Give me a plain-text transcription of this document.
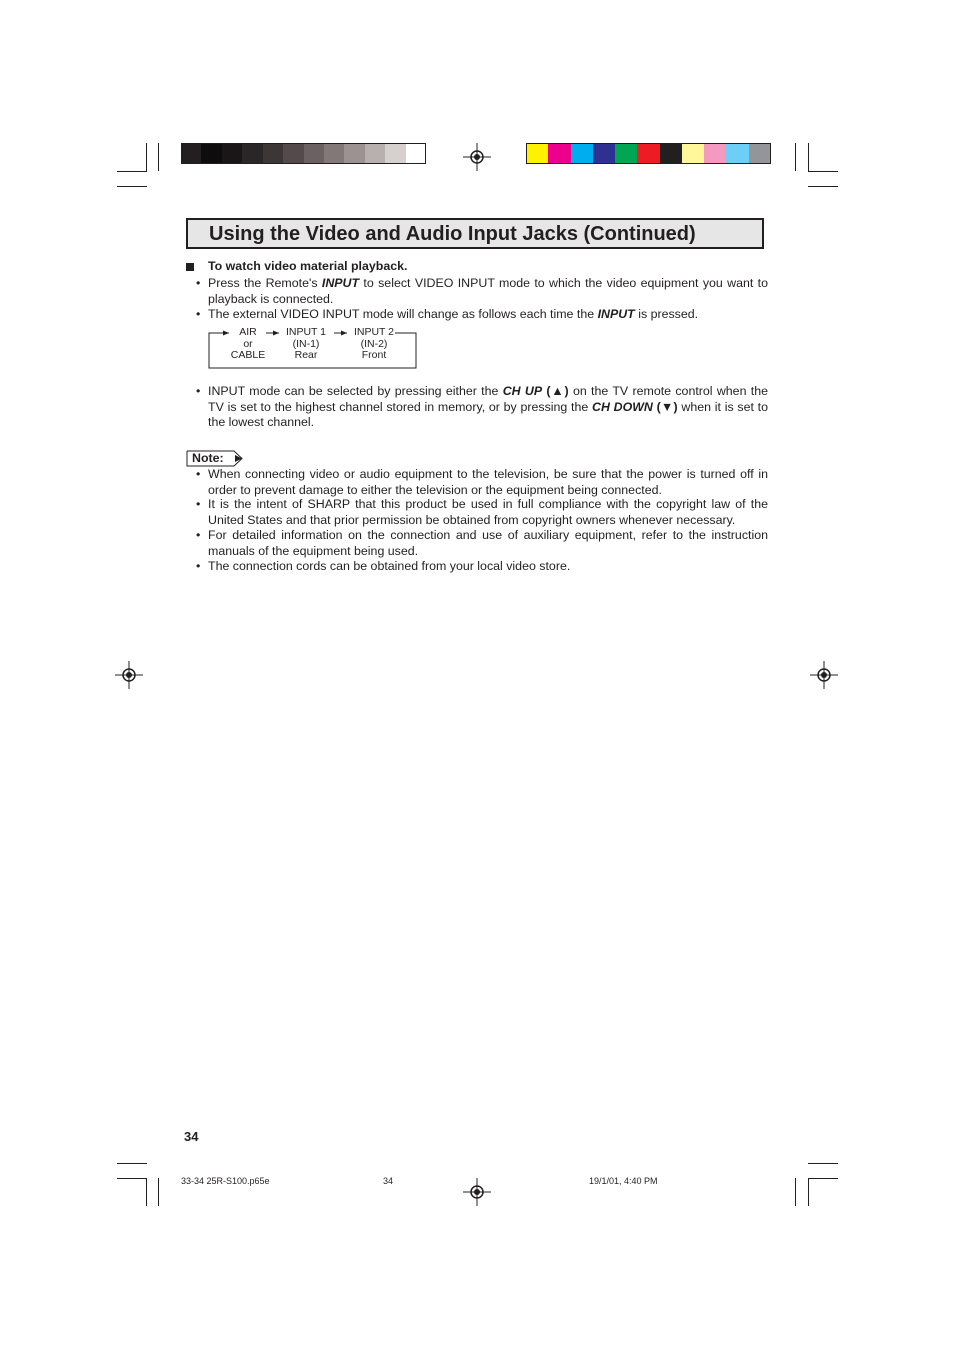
Using the Video and Audio Input Jacks (Continued)
To watch video material playback.
• Press the Remote's INPUT to select VIDEO INPUT mode to which the video equipment you want to playback is connected.
• The external VIDEO INPUT mode will change as follows each time the INPUT is pressed.
AIR
or
CABLE
INPUT 1
(IN-1)
Rear
INPUT 2
(IN-2)
Front
• INPUT mode can be selected by pressing either the CH UP (▲) on the TV remote control when the TV is set to the highest channel stored in memory, or by pressing the CH DOWN (▼) when it is set to the lowest channel.
Note:
• When connecting video or audio equipment to the television, be sure that the power is turned off in order to prevent damage to either the television or the equipment being connected.
• It is the intent of SHARP that this product be used in full compliance with the copyright law of the United States and that prior permission be obtained from copyright owners whenever necessary.
• For detailed information on the connection and use of auxiliary equipment, refer to the instruction manuals of the equipment being used.
• The connection cords can be obtained from your local video store.
34
33-34 25R-S100.p65e	34	19/1/01, 4:40 PM
